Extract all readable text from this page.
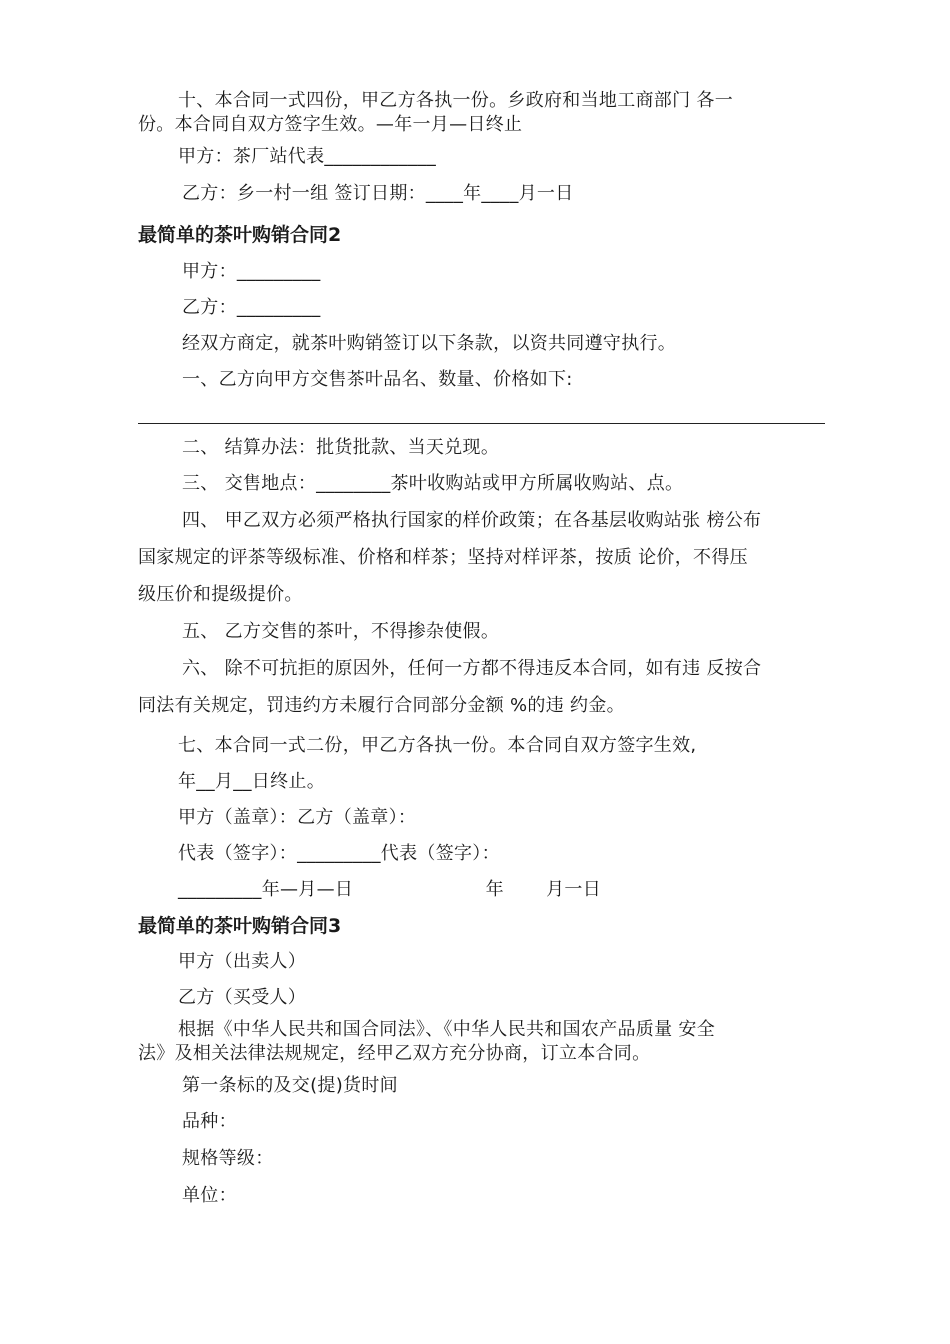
十、本合同一式四份，甲乙方各执一份。乡政府和当地工商部门 各一
份。本合同自双方签字生效。—年一月—日终止
甲方：茶厂站代表____________
乙方：乡一村一组 签订日期：____年____月一日
最简单的茶叶购销合同2
甲方：_________
乙方：_________
经双方商定，就茶叶购销签订以下条款，以资共同遵守执行。
一、乙方向甲方交售茶叶品名、数量、价格如下:
二、 结算办法：批货批款、当天兑现。
三、 交售地点：________茶叶收购站或甲方所属收购站、点。
四、 甲乙双方必须严格执行国家的样价政策；在各基层收购站张 榜公布
国家规定的评茶等级标准、价格和样茶；坚持对样评茶，按质 论价，不得压
级压价和提级提价。
五、 乙方交售的茶叶，不得掺杂使假。
六、 除不可抗拒的原因外，任何一方都不得违反本合同，如有违 反按合
同法有关规定，罚违约方未履行合同部分金额 %的违 约金。
七、本合同一式二份，甲乙方各执一份。本合同自双方签字生效,
年__月__日终止。
甲方（盖章）：乙方（盖章）：
代表（签字）：_________代表（签字）：
_________年—月—日                      年       月一日
最简单的茶叶购销合同3
甲方（出卖人）
乙方（买受人）
根据《中华人民共和国合同法》、《中华人民共和国农产品质量 安全
法》及相关法律法规规定，经甲乙双方充分协商，订立本合同。
第一条标的及交(提)货时间
品种：
规格等级：
单位：
